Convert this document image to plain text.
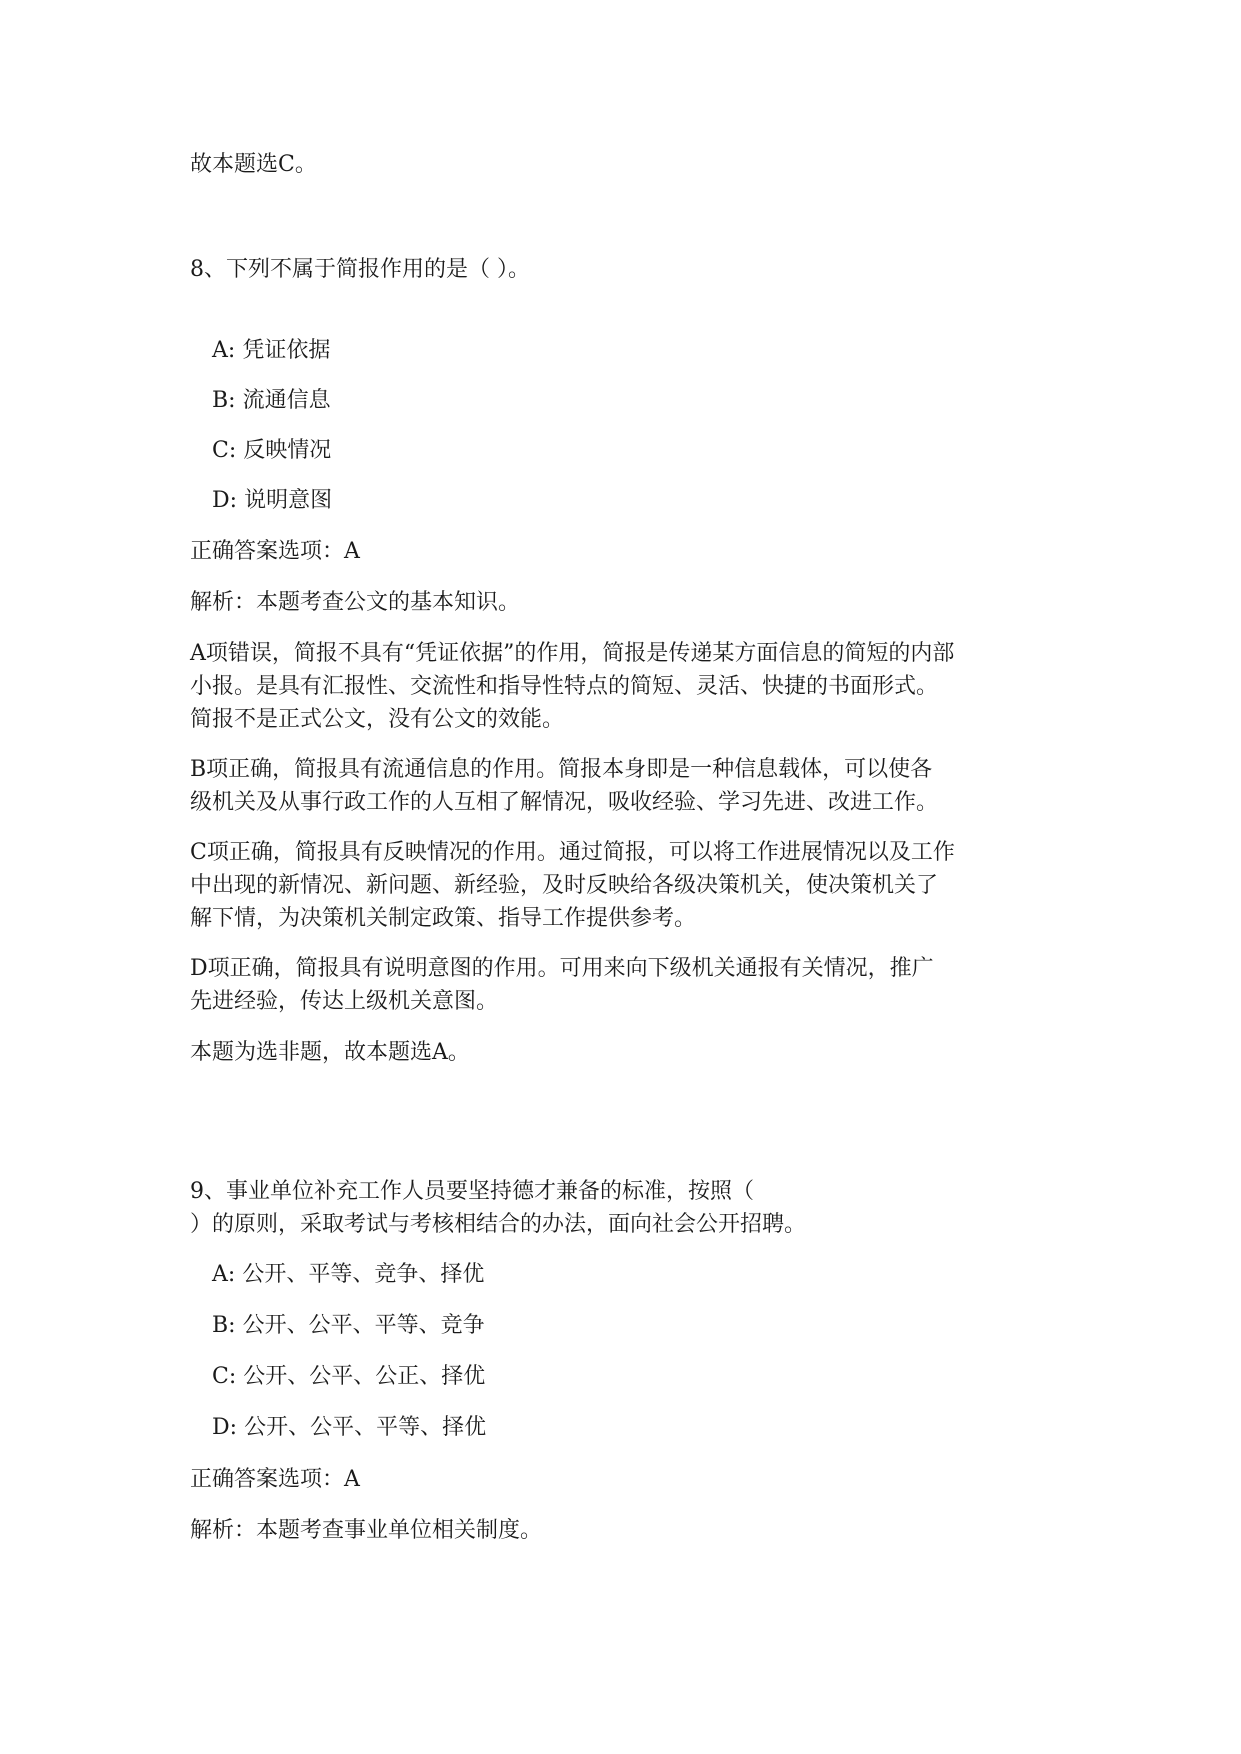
故本题选C。
8、下列不属于简报作用的是（ ）。
A: 凭证依据
B: 流通信息
C: 反映情况
D: 说明意图
正确答案选项：A
解析：本题考查公文的基本知识。
A项错误，简报不具有“凭证依据”的作用，简报是传递某方面信息的简短的内部
小报。是具有汇报性、交流性和指导性特点的简短、灵活、快捷的书面形式。
简报不是正式公文，没有公文的效能。
B项正确，简报具有流通信息的作用。简报本身即是一种信息载体，可以使各
级机关及从事行政工作的人互相了解情况，吸收经验、学习先进、改进工作。
C项正确，简报具有反映情况的作用。通过简报，可以将工作进展情况以及工作
中出现的新情况、新问题、新经验，及时反映给各级决策机关，使决策机关了
解下情，为决策机关制定政策、指导工作提供参考。
D项正确，简报具有说明意图的作用。可用来向下级机关通报有关情况，推广
先进经验，传达上级机关意图。
本题为选非题，故本题选A。
9、事业单位补充工作人员要坚持德才兼备的标准，按照（
）的原则，采取考试与考核相结合的办法，面向社会公开招聘。
A: 公开、平等、竞争、择优
B: 公开、公平、平等、竞争
C: 公开、公平、公正、择优
D: 公开、公平、平等、择优
正确答案选项：A
解析：本题考查事业单位相关制度。
